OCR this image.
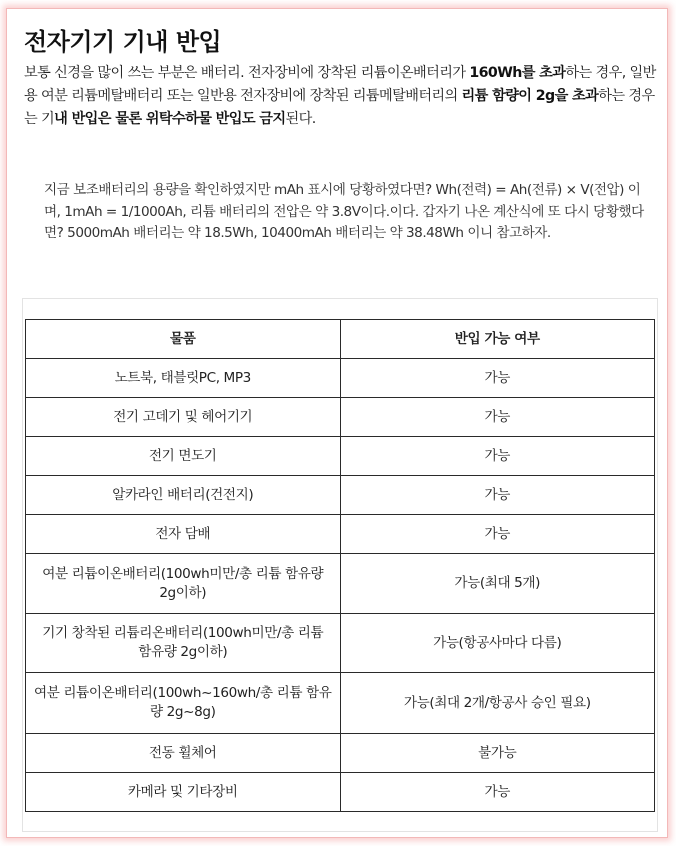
전자기기 기내 반입

보통 신경을 많이 쓰는 부분은 배터리. 전자장비에 장착된 리튬이온배터리가 160Wh를 초과하는 경우, 일반용 여분 리튬메탈배터리 또는 일반용 전자장비에 장착된 리튬메탈배터리의 리튬 함량이 2g을 초과하는 경우는 기내 반입은 물론 위탁수하물 반입도 금지된다.

지금 보조배터리의 용량을 확인하였지만 mAh 표시에 당황하였다면? Wh(전력) = Ah(전류) × V(전압) 이며, 1mAh = 1/1000Ah, 리튬 배터리의 전압은 약 3.8V이다.이다. 갑자기 나온 계산식에 또 다시 당황했다면? 5000mAh 배터리는 약 18.5Wh, 10400mAh 배터리는 약 38.48Wh 이니 참고하자.

물품	반입 가능 여부
노트북, 태블릿PC, MP3	가능
전기 고데기 및 헤어기기	가능
전기 면도기	가능
알카라인 배터리(건전지)	가능
전자 담배	가능
여분 리튬이온배터리(100wh미만/총 리튬 함유량 2g이하)	가능(최대 5개)
기기 창착된 리튬리온배터리(100wh미만/총 리튬 함유량 2g이하)	가능(항공사마다 다름)
여분 리튬이온배터리(100wh~160wh/총 리튬 함유량 2g~8g)	가능(최대 2개/항공사 승인 필요)
전동 휠체어	불가능
카메라 및 기타장비	가능
